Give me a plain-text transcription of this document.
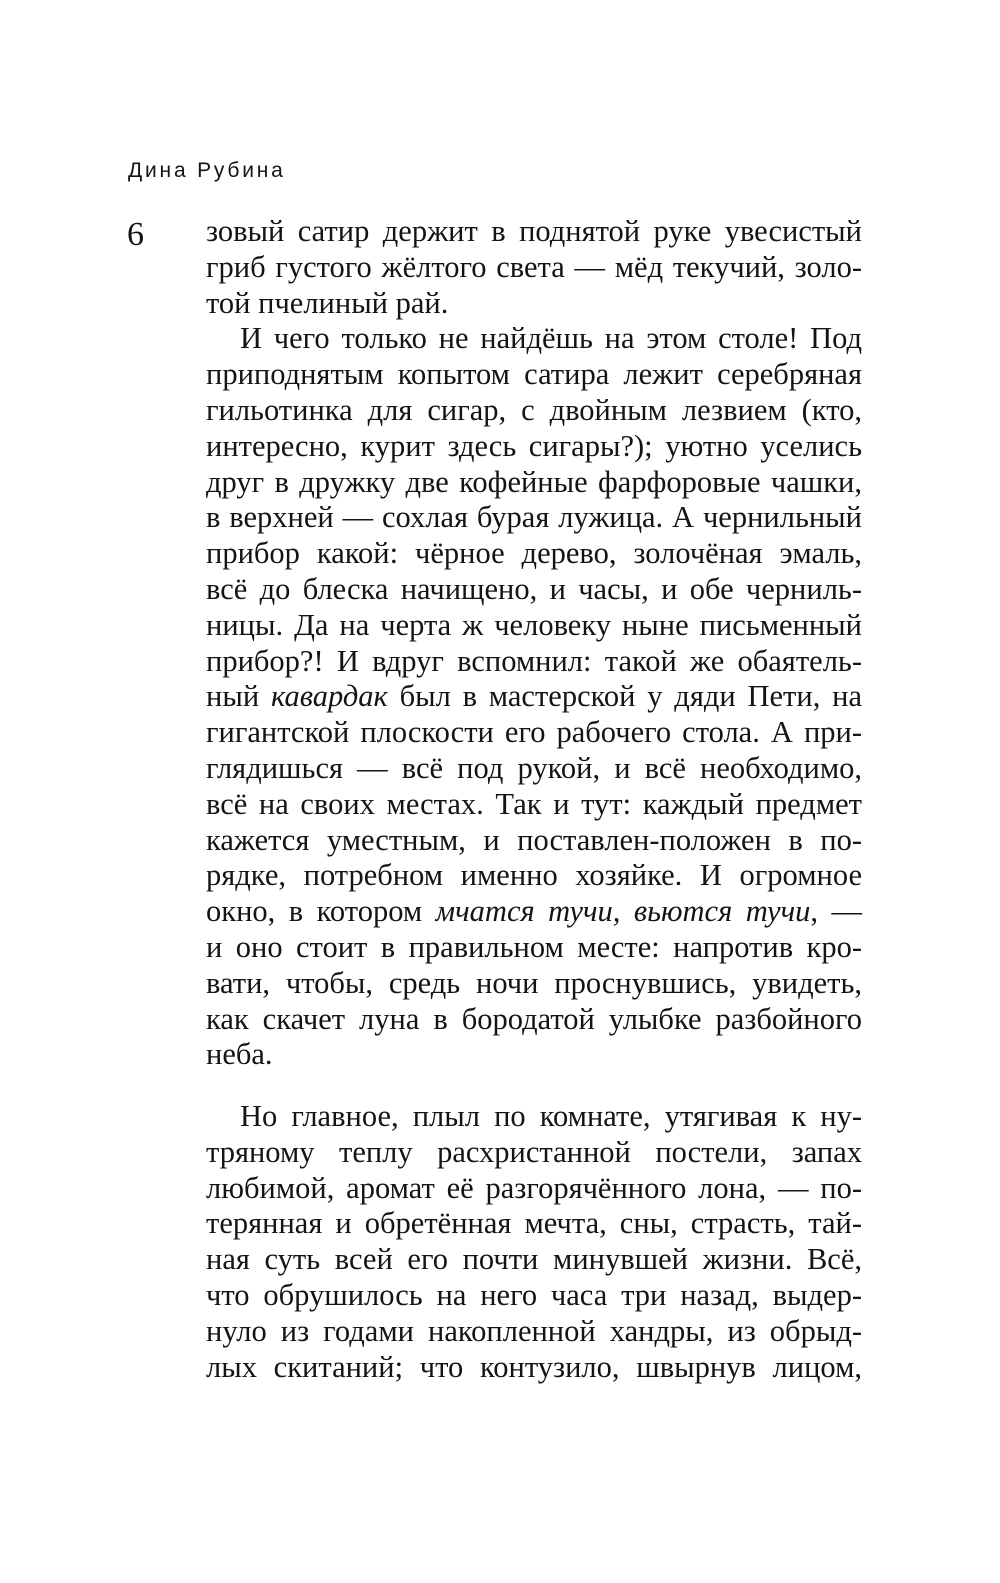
Дина Рубина
6 зовый сатир держит в поднятой руке увесистый
гриб густого жёлтого света — мёд текучий, золо-
той пчелиный рай.
И чего только не найдёшь на этом столе! Под
приподнятым копытом сатира лежит серебряная
гильотинка для сигар, с двойным лезвием (кто,
интересно, курит здесь сигары?); уютно уселись
друг в дружку две кофейные фарфоровые чашки,
в верхней — сохлая бурая лужица. А чернильный
прибор какой: чёрное дерево, золочёная эмаль,
всё до блеска начищено, и часы, и обе черниль-
ницы. Да на черта ж человеку ныне письменный
прибор?! И вдруг вспомнил: такой же обаятель-
ный кавардак был в мастерской у дяди Пети, на
гигантской плоскости его рабочего стола. А при-
глядишься — всё под рукой, и всё необходимо,
всё на своих местах. Так и тут: каждый предмет
кажется уместным, и поставлен-положен в по-
рядке, потребном именно хозяйке. И огромное
окно, в котором мчатся тучи, вьются тучи, —
и оно стоит в правильном месте: напротив кро-
вати, чтобы, средь ночи проснувшись, увидеть,
как скачет луна в бородатой улыбке разбойного
неба.
Но главное, плыл по комнате, утягивая к ну-
тряному теплу расхристанной постели, запах
любимой, аромат её разгорячённого лона, — по-
терянная и обретённая мечта, сны, страсть, тай-
ная суть всей его почти минувшей жизни. Всё,
что обрушилось на него часа три назад, выдер-
нуло из годами накопленной хандры, из обрыд-
лых скитаний; что контузило, швырнув лицом,
